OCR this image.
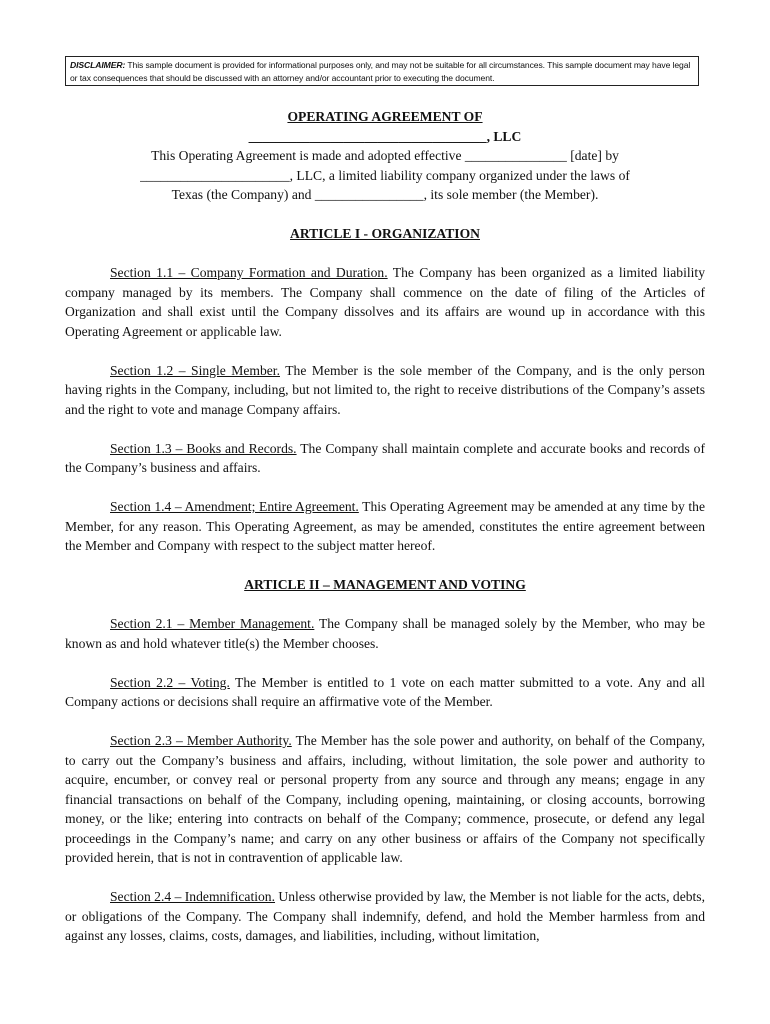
DISCLAIMER: This sample document is provided for informational purposes only, and may not be suitable for all circumstances. This sample document may have legal or tax consequences that should be discussed with an attorney and/or accountant prior to executing the document.
OPERATING AGREEMENT OF
___________________________________, LLC
This Operating Agreement is made and adopted effective _______________ [date] by
______________________, LLC, a limited liability company organized under the laws of
Texas (the Company) and ________________, its sole member (the Member).

ARTICLE I - ORGANIZATION

Section 1.1 – Company Formation and Duration. The Company has been organized as a limited liability company managed by its members. The Company shall commence on the date of filing of the Articles of Organization and shall exist until the Company dissolves and its affairs are wound up in accordance with this Operating Agreement or applicable law.

Section 1.2 – Single Member. The Member is the sole member of the Company, and is the only person having rights in the Company, including, but not limited to, the right to receive distributions of the Company’s assets and the right to vote and manage Company affairs.

Section 1.3 – Books and Records. The Company shall maintain complete and accurate books and records of the Company’s business and affairs.

Section 1.4 – Amendment; Entire Agreement. This Operating Agreement may be amended at any time by the Member, for any reason. This Operating Agreement, as may be amended, constitutes the entire agreement between the Member and Company with respect to the subject matter hereof.

ARTICLE II – MANAGEMENT AND VOTING

Section 2.1 – Member Management. The Company shall be managed solely by the Member, who may be known as and hold whatever title(s) the Member chooses.

Section 2.2 – Voting. The Member is entitled to 1 vote on each matter submitted to a vote. Any and all Company actions or decisions shall require an affirmative vote of the Member.

Section 2.3 – Member Authority. The Member has the sole power and authority, on behalf of the Company, to carry out the Company’s business and affairs, including, without limitation, the sole power and authority to acquire, encumber, or convey real or personal property from any source and through any means; engage in any financial transactions on behalf of the Company, including opening, maintaining, or closing accounts, borrowing money, or the like; entering into contracts on behalf of the Company; commence, prosecute, or defend any legal proceedings in the Company’s name; and carry on any other business or affairs of the Company not specifically provided herein, that is not in contravention of applicable law.

Section 2.4 – Indemnification. Unless otherwise provided by law, the Member is not liable for the acts, debts, or obligations of the Company. The Company shall indemnify, defend, and hold the Member harmless from and against any losses, claims, costs, damages, and liabilities, including, without limitation,
